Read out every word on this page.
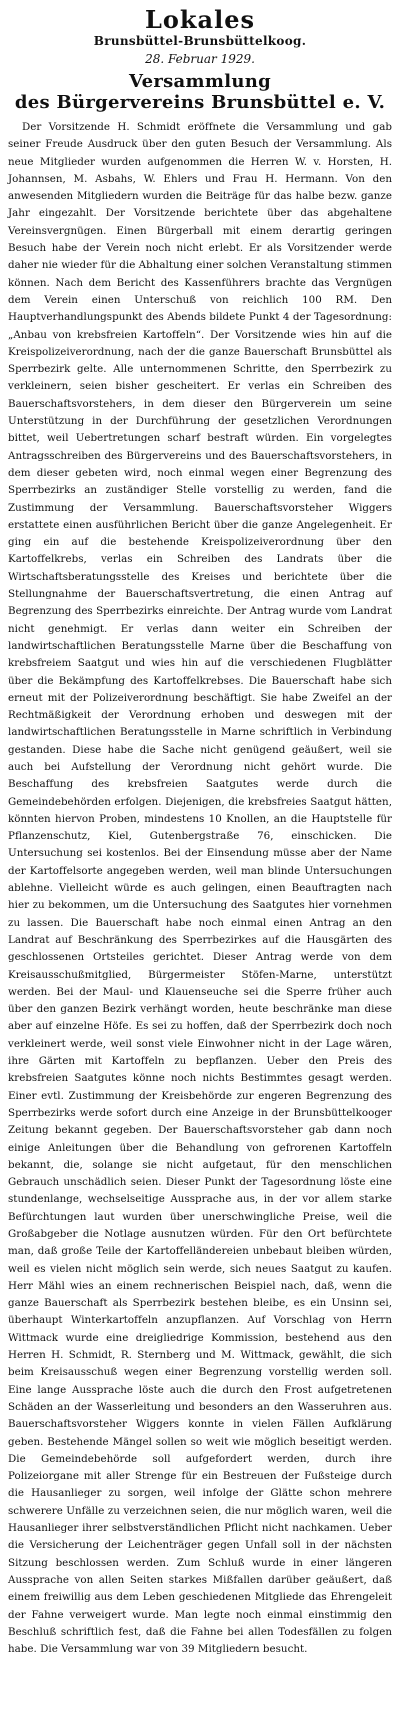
Lokales
Brunsbüttel-Brunsbüttelkoog.
28. Februar 1929.
Versammlung
des Bürgervereins Brunsbüttel e. V.

Der Vorsitzende H. Schmidt eröffnete die Versammlung und gab seiner Freude Ausdruck über den guten Besuch der Versammlung. Als neue Mitglieder wurden aufgenommen die Herren W. v. Horsten, H. Johannsen, M. Asbahs, W. Ehlers und Frau H. Hermann. Von den anwesenden Mitgliedern wurden die Beiträge für das halbe bezw. ganze Jahr eingezahlt. Der Vorsitzende berichtete über das abgehaltene Vereinsvergnügen. Einen Bürgerball mit einem derartig geringen Besuch habe der Verein noch nicht erlebt. Er als Vorsitzender werde daher nie wieder für die Abhaltung einer solchen Veranstaltung stimmen können. Nach dem Bericht des Kassenführers brachte das Vergnügen dem Verein einen Unterschuß von reichlich 100 RM. Den Hauptverhandlungspunkt des Abends bildete Punkt 4 der Tagesordnung: „Anbau von krebsfreien Kartoffeln“. Der Vorsitzende wies hin auf die Kreispolizeiverordnung, nach der die ganze Bauerschaft Brunsbüttel als Sperrbezirk gelte. Alle unternommenen Schritte, den Sperrbezirk zu verkleinern, seien bisher gescheitert. Er verlas ein Schreiben des Bauerschaftsvorstehers, in dem dieser den Bürgerverein um seine Unterstützung in der Durchführung der gesetzlichen Verordnungen bittet, weil Uebertretungen scharf bestraft würden. Ein vorgelegtes Antragsschreiben des Bürgervereins und des Bauerschaftsvorstehers, in dem dieser gebeten wird, noch einmal wegen einer Begrenzung des Sperrbezirks an zuständiger Stelle vorstellig zu werden, fand die Zustimmung der Versammlung. Bauerschaftsvorsteher Wiggers erstattete einen ausführlichen Bericht über die ganze Angelegenheit. Er ging ein auf die bestehende Kreispolizeiverordnung über den Kartoffelkrebs, verlas ein Schreiben des Landrats über die Wirtschaftsberatungsstelle des Kreises und berichtete über die Stellungnahme der Bauerschaftsvertretung, die einen Antrag auf Begrenzung des Sperrbezirks einreichte. Der Antrag wurde vom Landrat nicht genehmigt. Er verlas dann weiter ein Schreiben der landwirtschaftlichen Beratungsstelle Marne über die Beschaffung von krebsfreiem Saatgut und wies hin auf die verschiedenen Flugblätter über die Bekämpfung des Kartoffelkrebses. Die Bauerschaft habe sich erneut mit der Polizeiverordnung beschäftigt. Sie habe Zweifel an der Rechtmäßigkeit der Verordnung erhoben und deswegen mit der landwirtschaftlichen Beratungsstelle in Marne schriftlich in Verbindung gestanden. Diese habe die Sache nicht genügend geäußert, weil sie auch bei Aufstellung der Verordnung nicht gehört wurde. Die Beschaffung des krebsfreien Saatgutes werde durch die Gemeindebehörden erfolgen. Diejenigen, die krebsfreies Saatgut hätten, könnten hiervon Proben, mindestens 10 Knollen, an die Hauptstelle für Pflanzenschutz, Kiel, Gutenbergstraße 76, einschicken. Die Untersuchung sei kostenlos. Bei der Einsendung müsse aber der Name der Kartoffelsorte angegeben werden, weil man blinde Untersuchungen ablehne. Vielleicht würde es auch gelingen, einen Beauftragten nach hier zu bekommen, um die Untersuchung des Saatgutes hier vornehmen zu lassen. Die Bauerschaft habe noch einmal einen Antrag an den Landrat auf Beschränkung des Sperrbezirkes auf die Hausgärten des geschlossenen Ortsteiles gerichtet. Dieser Antrag werde von dem Kreisausschußmitglied, Bürgermeister Stöfen-Marne, unterstützt werden. Bei der Maul- und Klauenseuche sei die Sperre früher auch über den ganzen Bezirk verhängt worden, heute beschränke man diese aber auf einzelne Höfe. Es sei zu hoffen, daß der Sperrbezirk doch noch verkleinert werde, weil sonst viele Einwohner nicht in der Lage wären, ihre Gärten mit Kartoffeln zu bepflanzen. Ueber den Preis des krebsfreien Saatgutes könne noch nichts Bestimmtes gesagt werden. Einer evtl. Zustimmung der Kreisbehörde zur engeren Begrenzung des Sperrbezirks werde sofort durch eine Anzeige in der Brunsbüttelkooger Zeitung bekannt gegeben. Der Bauerschaftsvorsteher gab dann noch einige Anleitungen über die Behandlung von gefrorenen Kartoffeln bekannt, die, solange sie nicht aufgetaut, für den menschlichen Gebrauch unschädlich seien. Dieser Punkt der Tagesordnung löste eine stundenlange, wechselseitige Aussprache aus, in der vor allem starke Befürchtungen laut wurden über unerschwingliche Preise, weil die Großabgeber die Notlage ausnutzen würden. Für den Ort befürchtete man, daß große Teile der Kartoffelländereien unbebaut bleiben würden, weil es vielen nicht möglich sein werde, sich neues Saatgut zu kaufen. Herr Mähl wies an einem rechnerischen Beispiel nach, daß, wenn die ganze Bauerschaft als Sperrbezirk bestehen bleibe, es ein Unsinn sei, überhaupt Winterkartoffeln anzupflanzen. Auf Vorschlag von Herrn Wittmack wurde eine dreigliedrige Kommission, bestehend aus den Herren H. Schmidt, R. Sternberg und M. Wittmack, gewählt, die sich beim Kreisausschuß wegen einer Begrenzung vorstellig werden soll. Eine lange Aussprache löste auch die durch den Frost aufgetretenen Schäden an der Wasserleitung und besonders an den Wasseruhren aus. Bauerschaftsvorsteher Wiggers konnte in vielen Fällen Aufklärung geben. Bestehende Mängel sollen so weit wie möglich beseitigt werden. Die Gemeindebehörde soll aufgefordert werden, durch ihre Polizeiorgane mit aller Strenge für ein Bestreuen der Fußsteige durch die Hausanlieger zu sorgen, weil infolge der Glätte schon mehrere schwerere Unfälle zu verzeichnen seien, die nur möglich waren, weil die Hausanlieger ihrer selbstverständlichen Pflicht nicht nachkamen. Ueber die Versicherung der Leichenträger gegen Unfall soll in der nächsten Sitzung beschlossen werden. Zum Schluß wurde in einer längeren Aussprache von allen Seiten starkes Mißfallen darüber geäußert, daß einem freiwillig aus dem Leben geschiedenen Mitgliede das Ehrengeleit der Fahne verweigert wurde. Man legte noch einmal einstimmig den Beschluß schriftlich fest, daß die Fahne bei allen Todesfällen zu folgen habe. Die Versammlung war von 39 Mitgliedern besucht.
